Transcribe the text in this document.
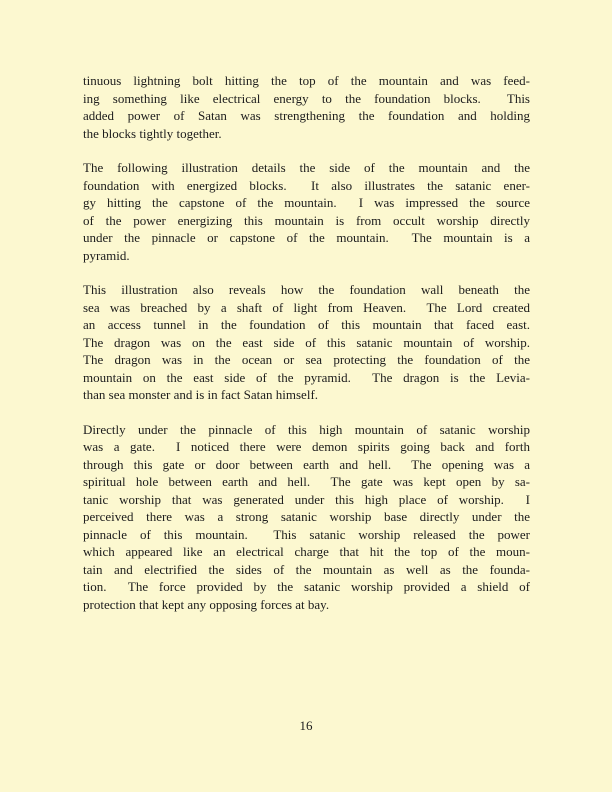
tinuous lightning bolt hitting the top of the mountain and was feed-
ing something like electrical energy to the foundation blocks.  This
added power of Satan was strengthening the foundation and holding
the blocks tightly together.
The following illustration details the side of the mountain and the
foundation with energized blocks.  It also illustrates the satanic ener-
gy hitting the capstone of the mountain.  I was impressed the source
of the power energizing this mountain is from occult worship directly
under the pinnacle or capstone of the mountain.  The mountain is a
pyramid.
This illustration also reveals how the foundation wall beneath the
sea was breached by a shaft of light from Heaven.  The Lord created
an access tunnel in the foundation of this mountain that faced east.
The dragon was on the east side of this satanic mountain of worship.
The dragon was in the ocean or sea protecting the foundation of the
mountain on the east side of the pyramid.  The dragon is the Levia-
than sea monster and is in fact Satan himself.
Directly under the pinnacle of this high mountain of satanic worship
was a gate.  I noticed there were demon spirits going back and forth
through this gate or door between earth and hell.  The opening was a
spiritual hole between earth and hell.  The gate was kept open by sa-
tanic worship that was generated under this high place of worship.  I
perceived there was a strong satanic worship base directly under the
pinnacle of this mountain.  This satanic worship released the power
which appeared like an electrical charge that hit the top of the moun-
tain and electrified the sides of the mountain as well as the founda-
tion.  The force provided by the satanic worship provided a shield of
protection that kept any opposing forces at bay.
16
